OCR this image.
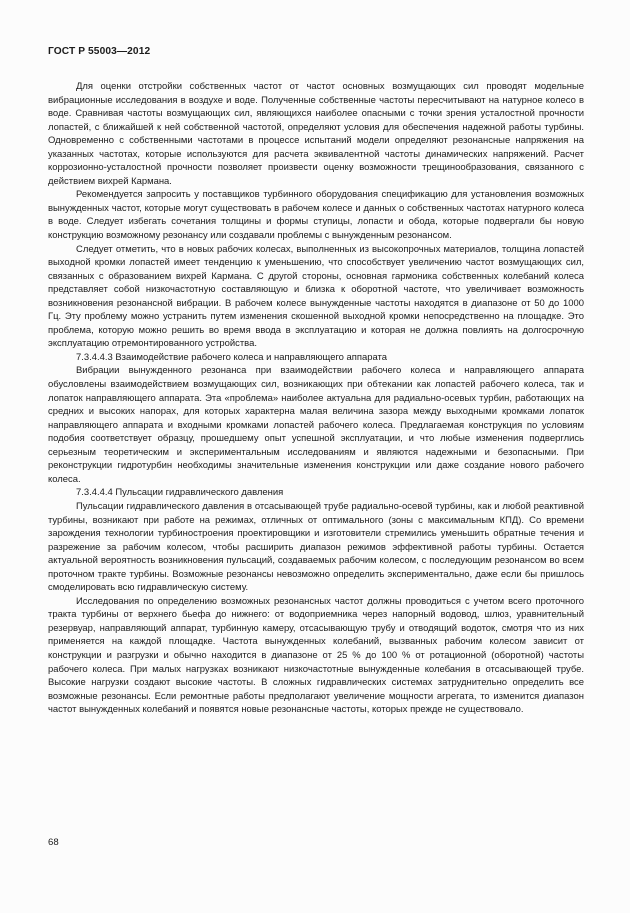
ГОСТ Р 55003—2012

Для оценки отстройки собственных частот от частот основных возмущающих сил проводят модельные вибрационные исследования в воздухе и воде. Полученные собственные частоты пересчитывают на натурное колесо в воде. Сравнивая частоты возмущающих сил, являющихся наиболее опасными с точки зрения усталостной прочности лопастей, с ближайшей к ней собственной частотой, определяют условия для обеспечения надежной работы турбины. Одновременно с собственными частотами в процессе испытаний модели определяют резонансные напряжения на указанных частотах, которые используются для расчета эквивалентной частоты динамических напряжений. Расчет коррозионно-усталостной прочности позволяет произвести оценку возможности трещинообразования, связанного с действием вихрей Кармана.

Рекомендуется запросить у поставщиков турбинного оборудования спецификацию для установления возможных вынужденных частот, которые могут существовать в рабочем колесе и данных о собственных частотах натурного колеса в воде. Следует избегать сочетания толщины и формы ступицы, лопасти и обода, которые подвергали бы новую конструкцию возможному резонансу или создавали проблемы с вынужденным резонансом.

Следует отметить, что в новых рабочих колесах, выполненных из высокопрочных материалов, толщина лопастей выходной кромки лопастей имеет тенденцию к уменьшению, что способствует увеличению частот возмущающих сил, связанных с образованием вихрей Кармана. С другой стороны, основная гармоника собственных колебаний колеса представляет собой низкочастотную составляющую и близка к оборотной частоте, что увеличивает возможность возникновения резонансной вибрации. В рабочем колесе вынужденные частоты находятся в диапазоне от 50 до 1000 Гц. Эту проблему можно устранить путем изменения скошенной выходной кромки непосредственно на площадке. Это проблема, которую можно решить во время ввода в эксплуатацию и которая не должна повлиять на долгосрочную эксплуатацию отремонтированного устройства.

7.3.4.4.3 Взаимодействие рабочего колеса и направляющего аппарата

Вибрации вынужденного резонанса при взаимодействии рабочего колеса и направляющего аппарата обусловлены взаимодействием возмущающих сил, возникающих при обтекании как лопастей рабочего колеса, так и лопаток направляющего аппарата. Эта «проблема» наиболее актуальна для радиально-осевых турбин, работающих на средних и высоких напорах, для которых характерна малая величина зазора между выходными кромками лопаток направляющего аппарата и входными кромками лопастей рабочего колеса. Предлагаемая конструкция по условиям подобия соответствует образцу, прошедшему опыт успешной эксплуатации, и что любые изменения подверглись серьезным теоретическим и экспериментальным исследованиям и являются надежными и безопасными. При реконструкции гидротурбин необходимы значительные изменения конструкции или даже создание нового рабочего колеса.

7.3.4.4.4 Пульсации гидравлического давления

Пульсации гидравлического давления в отсасывающей трубе радиально-осевой турбины, как и любой реактивной турбины, возникают при работе на режимах, отличных от оптимального (зоны с максимальным КПД). Со времени зарождения технологии турбиностроения проектировщики и изготовители стремились уменьшить обратные течения и разрежение за рабочим колесом, чтобы расширить диапазон режимов эффективной работы турбины. Остается актуальной вероятность возникновения пульсаций, создаваемых рабочим колесом, с последующим резонансом во всем проточном тракте турбины. Возможные резонансы невозможно определить экспериментально, даже если бы пришлось смоделировать всю гидравлическую систему.

Исследования по определению возможных резонансных частот должны проводиться с учетом всего проточного тракта турбины от верхнего бьефа до нижнего: от водоприемника через напорный водовод, шлюз, уравнительный резервуар, направляющий аппарат, турбинную камеру, отсасывающую трубу и отводящий водоток, смотря что из них применяется на каждой площадке. Частота вынужденных колебаний, вызванных рабочим колесом зависит от конструкции и разгрузки и обычно находится в диапазоне от 25 % до 100 % от ротационной (оборотной) частоты рабочего колеса. При малых нагрузках возникают низкочастотные вынужденные колебания в отсасывающей трубе. Высокие нагрузки создают высокие частоты. В сложных гидравлических системах затруднительно определить все возможные резонансы. Если ремонтные работы предполагают увеличение мощности агрегата, то изменится диапазон частот вынужденных колебаний и появятся новые резонансные частоты, которых прежде не существовало.

68
